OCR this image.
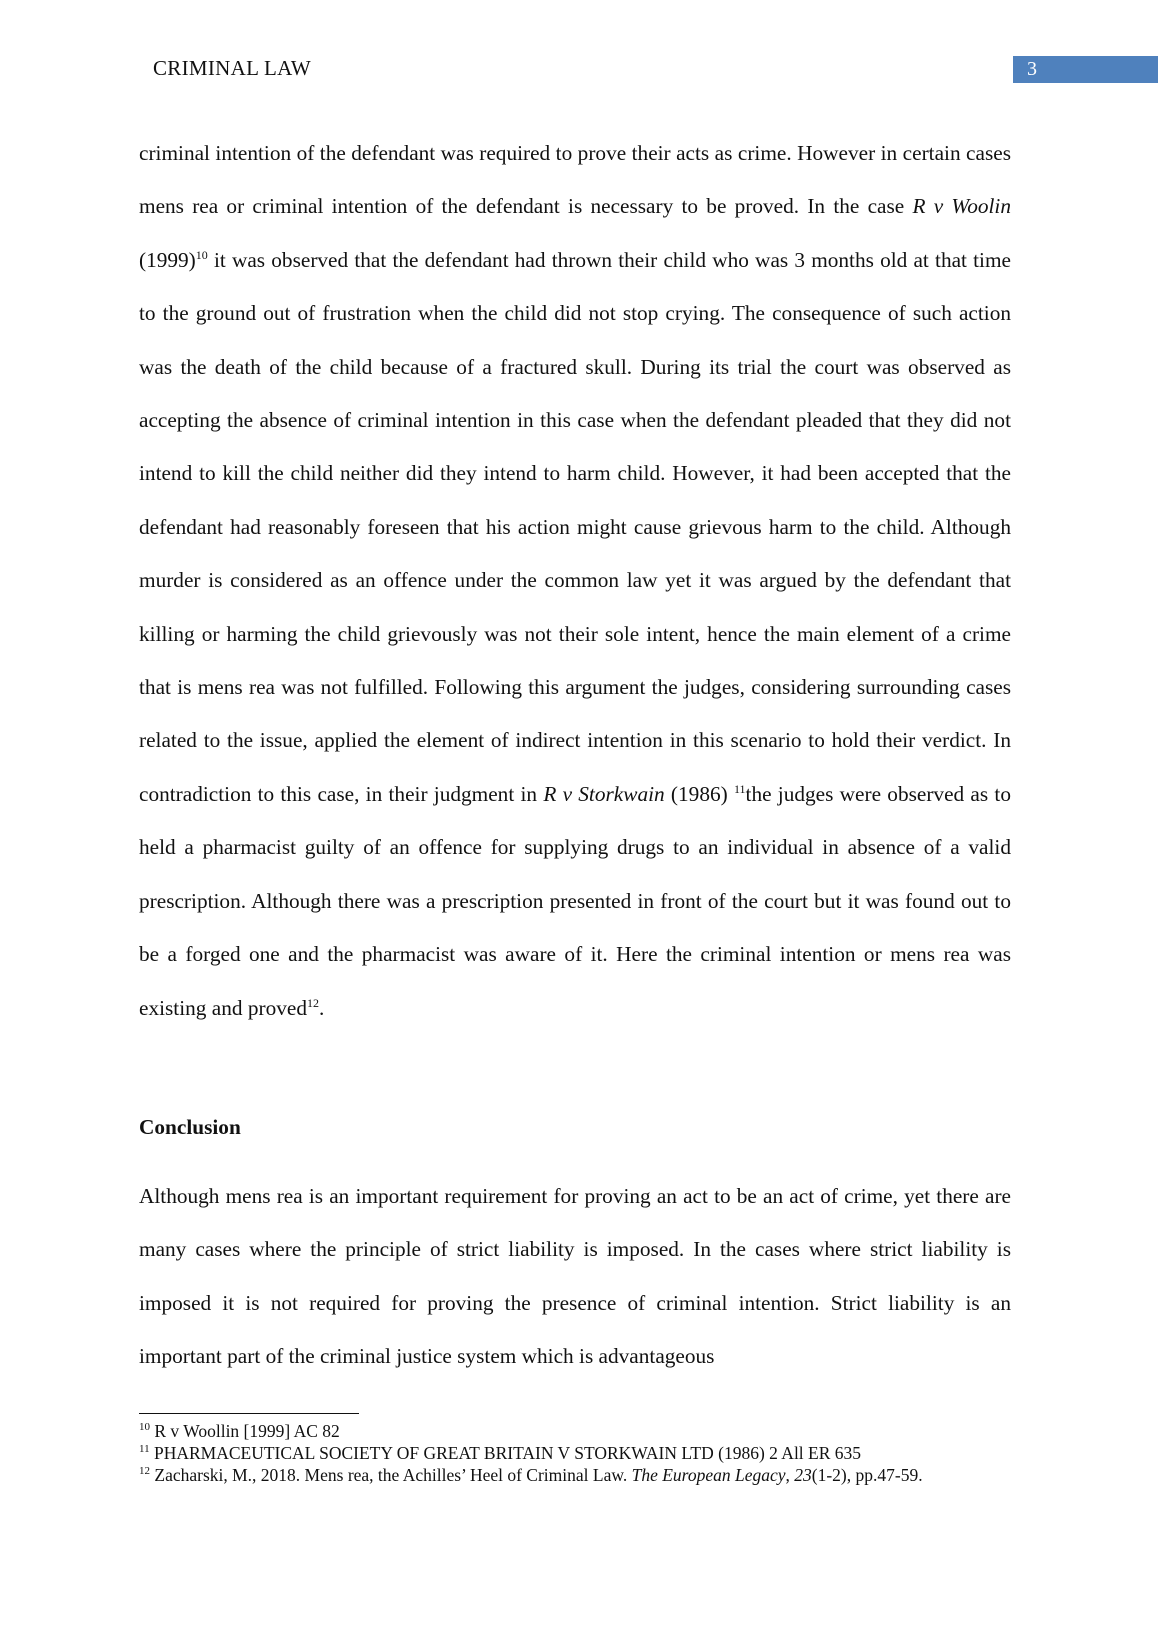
CRIMINAL LAW	3

criminal intention of the defendant was required to prove their acts as crime. However in certain cases mens rea or criminal intention of the defendant is necessary to be proved. In the case R v Woolin $(1999)^{10}$ it was observed that the defendant had thrown their child who was 3 months old at that time to the ground out of frustration when the child did not stop crying. The consequence of such action was the death of the child because of a fractured skull. During its trial the court was observed as accepting the absence of criminal intention in this case when the defendant pleaded that they did not intend to kill the child neither did they intend to harm child. However, it had been accepted that the defendant had reasonably foreseen that his action might cause grievous harm to the child. Although murder is considered as an offence under the common law yet it was argued by the defendant that killing or harming the child grievously was not their sole intent, hence the main element of a crime that is mens rea was not fulfilled. Following this argument the judges, considering surrounding cases related to the issue, applied the element of indirect intention in this scenario to hold their verdict. In contradiction to this case, in their judgment in R v Storkwain (1986) $^{11}$the judges were observed as to held a pharmacist guilty of an offence for supplying drugs to an individual in absence of a valid prescription. Although there was a prescription presented in front of the court but it was found out to be a forged one and the pharmacist was aware of it. Here the criminal intention or mens rea was existing and proved$^{12}$.

Conclusion

Although mens rea is an important requirement for proving an act to be an act of crime, yet there are many cases where the principle of strict liability is imposed. In the cases where strict liability is imposed it is not required for proving the presence of criminal intention. Strict liability is an important part of the criminal justice system which is advantageous

$^{10}$ R v Woollin [1999] AC 82
$^{11}$ PHARMACEUTICAL SOCIETY OF GREAT BRITAIN V STORKWAIN LTD (1986) 2 All ER 635
$^{12}$ Zacharski, M., 2018. Mens rea, the Achilles’ Heel of Criminal Law. The European Legacy, 23(1-2), pp.47-59.
